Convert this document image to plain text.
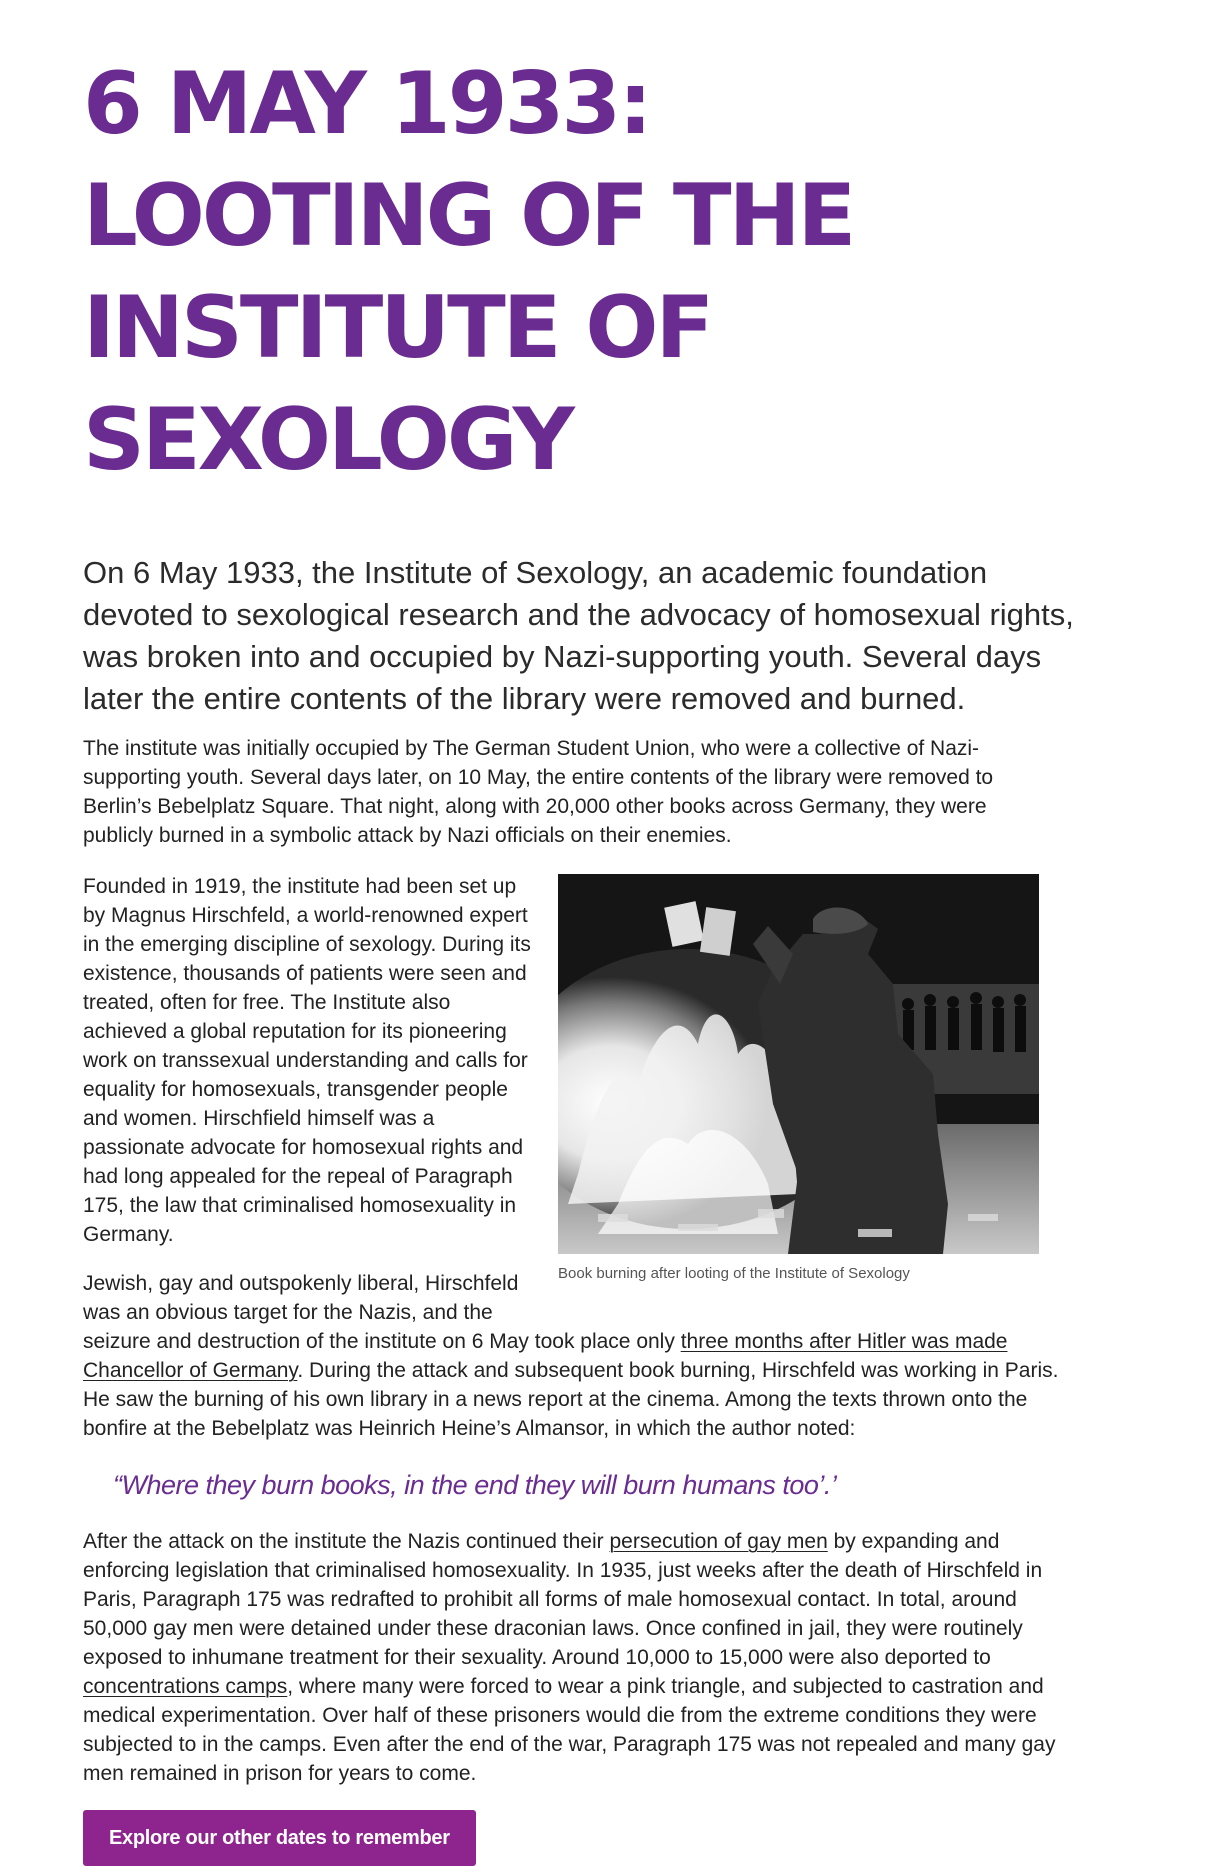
6 MAY 1933: LOOTING OF THE INSTITUTE OF SEXOLOGY

On 6 May 1933, the Institute of Sexology, an academic foundation devoted to sexological research and the advocacy of homosexual rights, was broken into and occupied by Nazi-supporting youth. Several days later the entire contents of the library were removed and burned.

The institute was initially occupied by The German Student Union, who were a collective of Nazi-supporting youth. Several days later, on 10 May, the entire contents of the library were removed to Berlin’s Bebelplatz Square. That night, along with 20,000 other books across Germany, they were publicly burned in a symbolic attack by Nazi officials on their enemies.

Book burning after looting of the Institute of Sexology

Founded in 1919, the institute had been set up by Magnus Hirschfeld, a world-renowned expert in the emerging discipline of sexology. During its existence, thousands of patients were seen and treated, often for free. The Institute also achieved a global reputation for its pioneering work on transsexual understanding and calls for equality for homosexuals, transgender people and women. Hirschfield himself was a passionate advocate for homosexual rights and had long appealed for the repeal of Paragraph 175, the law that criminalised homosexuality in Germany.

Jewish, gay and outspokenly liberal, Hirschfeld was an obvious target for the Nazis, and the seizure and destruction of the institute on 6 May took place only three months after Hitler was made Chancellor of Germany. During the attack and subsequent book burning, Hirschfeld was working in Paris. He saw the burning of his own library in a news report at the cinema. Among the texts thrown onto the bonfire at the Bebelplatz was Heinrich Heine’s Almansor, in which the author noted:

“Where they burn books, in the end they will burn humans too’.’

After the attack on the institute the Nazis continued their persecution of gay men by expanding and enforcing legislation that criminalised homosexuality. In 1935, just weeks after the death of Hirschfeld in Paris, Paragraph 175 was redrafted to prohibit all forms of male homosexual contact. In total, around 50,000 gay men were detained under these draconian laws. Once confined in jail, they were routinely exposed to inhumane treatment for their sexuality. Around 10,000 to 15,000 were also deported to concentrations camps, where many were forced to wear a pink triangle, and subjected to castration and medical experimentation. Over half of these prisoners would die from the extreme conditions they were subjected to in the camps. Even after the end of the war, Paragraph 175 was not repealed and many gay men remained in prison for years to come.

Explore our other dates to remember
